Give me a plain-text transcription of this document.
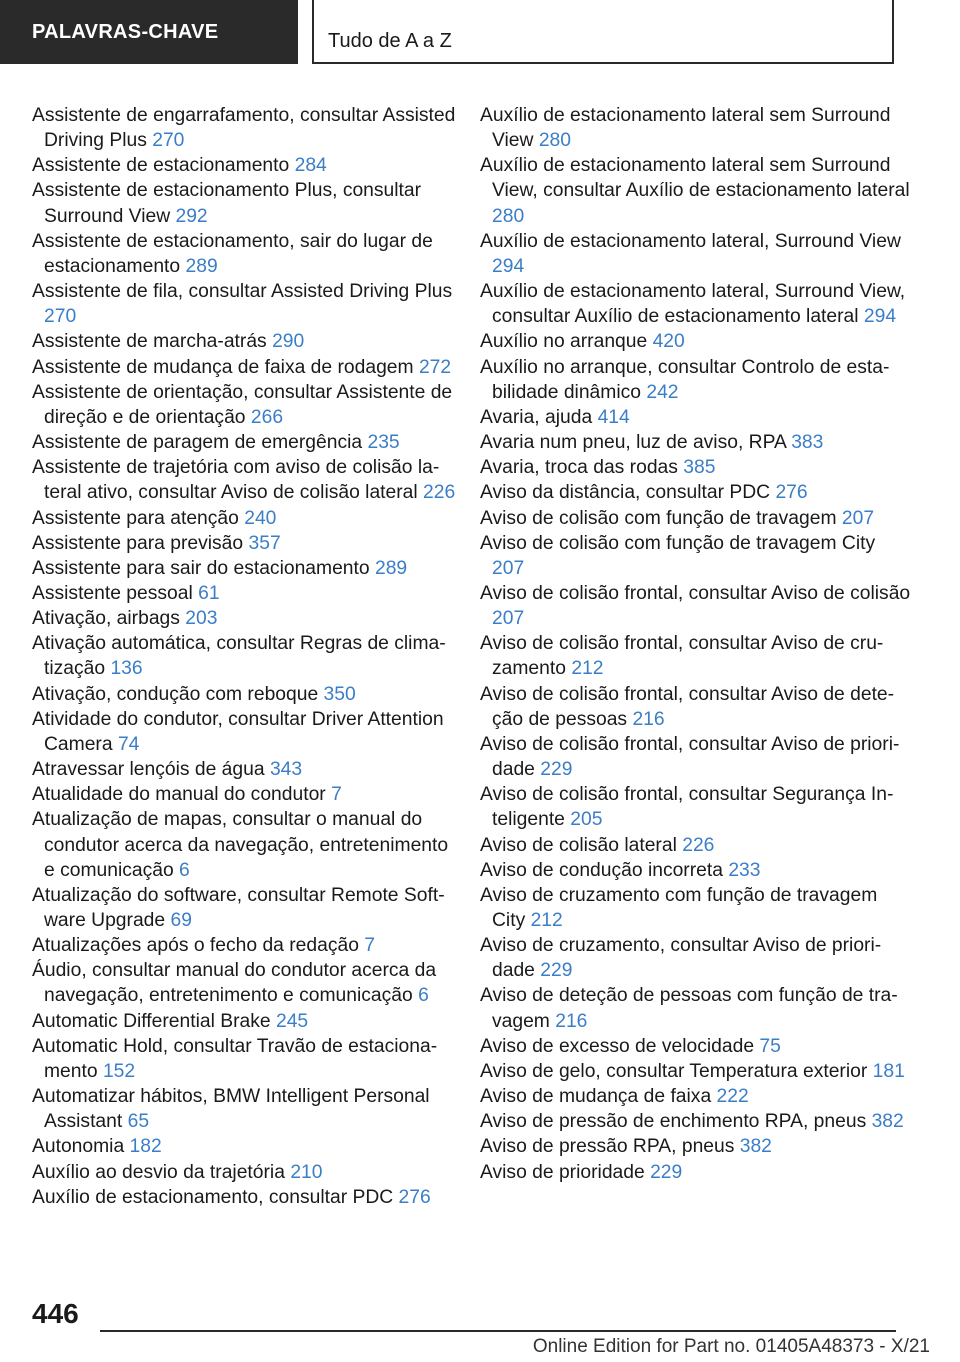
PALAVRAS-CHAVE	Tudo de A a Z
Assistente de engarrafamento, consultar Assisted Driving Plus 270
Assistente de estacionamento 284
Assistente de estacionamento Plus, consultar Surround View 292
Assistente de estacionamento, sair do lugar de estacionamento 289
Assistente de fila, consultar Assisted Driving Plus 270
Assistente de marcha-atrás 290
Assistente de mudança de faixa de rodagem 272
Assistente de orientação, consultar Assistente de direção e de orientação 266
Assistente de paragem de emergência 235
Assistente de trajetória com aviso de colisão lateral ativo, consultar Aviso de colisão lateral 226
Assistente para atenção 240
Assistente para previsão 357
Assistente para sair do estacionamento 289
Assistente pessoal 61
Ativação, airbags 203
Ativação automática, consultar Regras de climatização 136
Ativação, condução com reboque 350
Atividade do condutor, consultar Driver Attention Camera 74
Atravessar lençóis de água 343
Atualidade do manual do condutor 7
Atualização de mapas, consultar o manual do condutor acerca da navegação, entretenimento e comunicação 6
Atualização do software, consultar Remote Software Upgrade 69
Atualizações após o fecho da redação 7
Áudio, consultar manual do condutor acerca da navegação, entretenimento e comunicação 6
Automatic Differential Brake 245
Automatic Hold, consultar Travão de estacionamento 152
Automatizar hábitos, BMW Intelligent Personal Assistant 65
Autonomia 182
Auxílio ao desvio da trajetória 210
Auxílio de estacionamento, consultar PDC 276
Auxílio de estacionamento lateral sem Surround View 280
Auxílio de estacionamento lateral sem Surround View, consultar Auxílio de estacionamento lateral 280
Auxílio de estacionamento lateral, Surround View 294
Auxílio de estacionamento lateral, Surround View, consultar Auxílio de estacionamento lateral 294
Auxílio no arranque 420
Auxílio no arranque, consultar Controlo de estabilidade dinâmico 242
Avaria, ajuda 414
Avaria num pneu, luz de aviso, RPA 383
Avaria, troca das rodas 385
Aviso da distância, consultar PDC 276
Aviso de colisão com função de travagem 207
Aviso de colisão com função de travagem City 207
Aviso de colisão frontal, consultar Aviso de colisão 207
Aviso de colisão frontal, consultar Aviso de cruzamento 212
Aviso de colisão frontal, consultar Aviso de deteção de pessoas 216
Aviso de colisão frontal, consultar Aviso de prioridade 229
Aviso de colisão frontal, consultar Segurança Inteligente 205
Aviso de colisão lateral 226
Aviso de condução incorreta 233
Aviso de cruzamento com função de travagem City 212
Aviso de cruzamento, consultar Aviso de prioridade 229
Aviso de deteção de pessoas com função de travagem 216
Aviso de excesso de velocidade 75
Aviso de gelo, consultar Temperatura exterior 181
Aviso de mudança de faixa 222
Aviso de pressão de enchimento RPA, pneus 382
Aviso de pressão RPA, pneus 382
Aviso de prioridade 229
446
Online Edition for Part no. 01405A48373 - X/21
